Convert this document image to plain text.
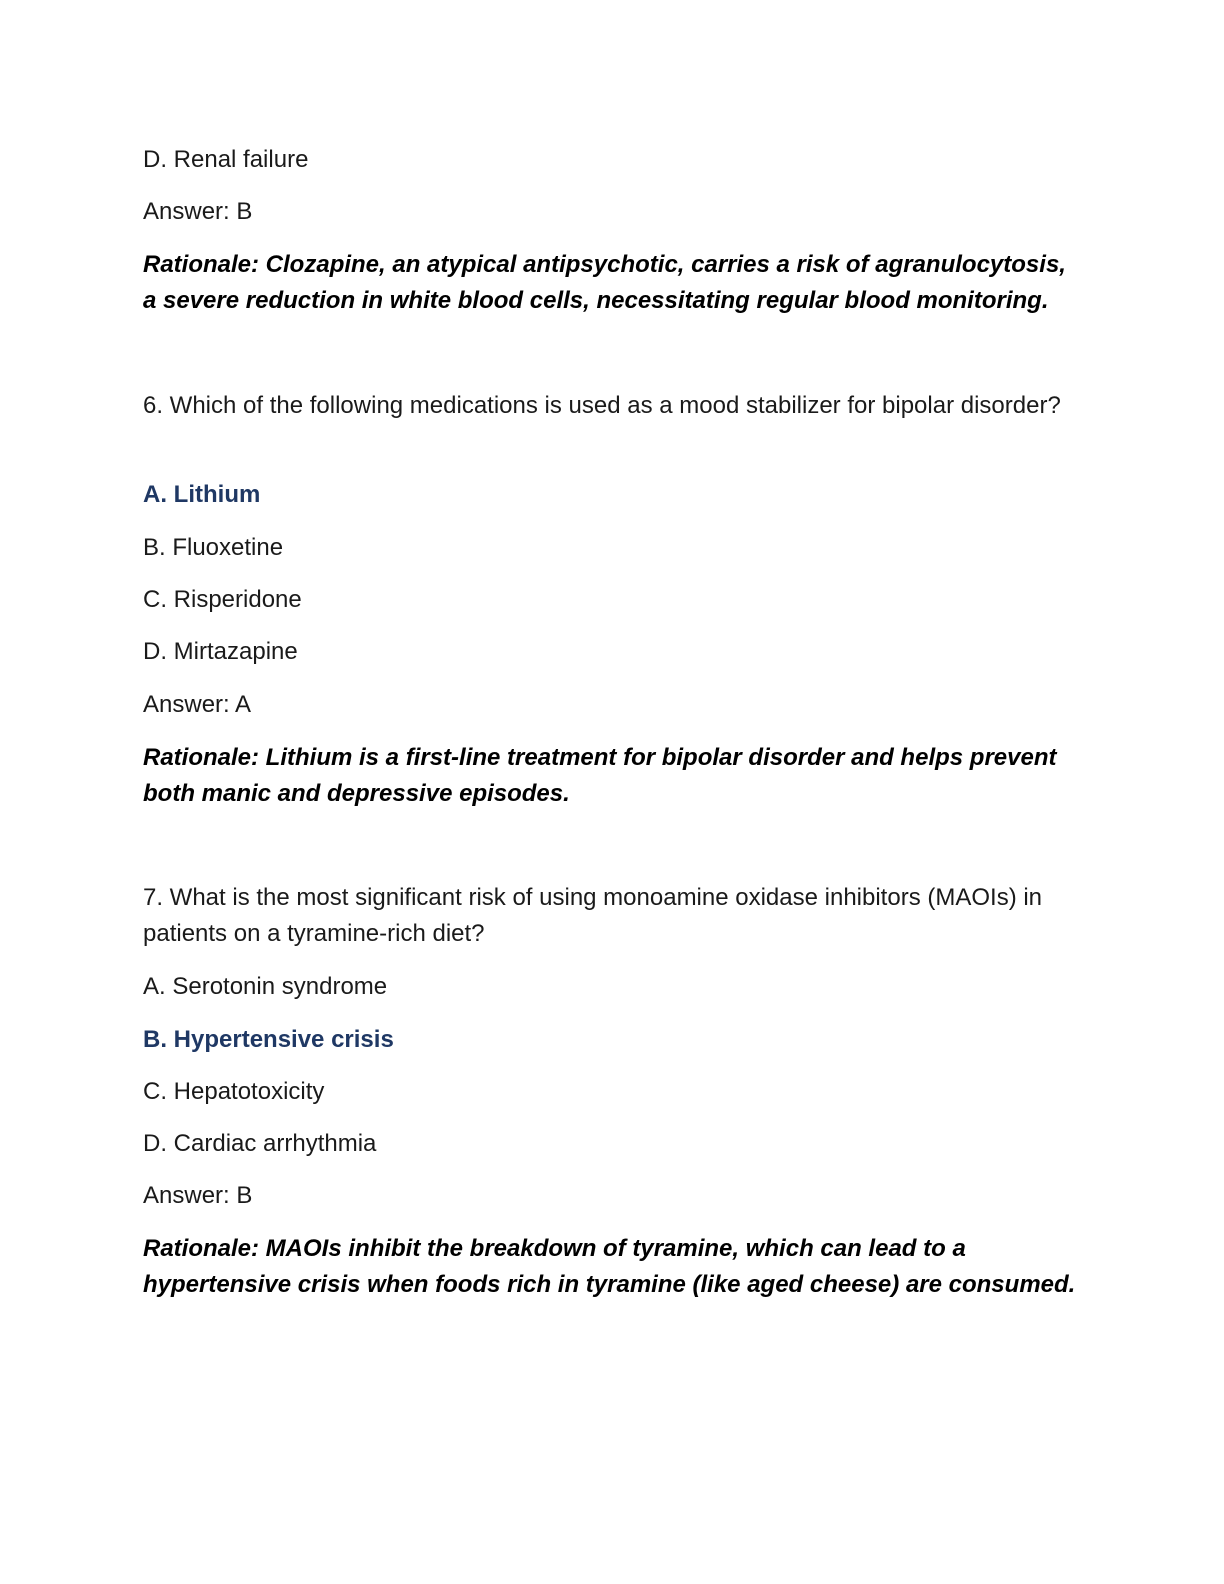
D. Renal failure
Answer: B
Rationale: Clozapine, an atypical antipsychotic, carries a risk of agranulocytosis, a severe reduction in white blood cells, necessitating regular blood monitoring.
6. Which of the following medications is used as a mood stabilizer for bipolar disorder?
A. Lithium
B. Fluoxetine
C. Risperidone
D. Mirtazapine
Answer: A
Rationale: Lithium is a first-line treatment for bipolar disorder and helps prevent both manic and depressive episodes.
7. What is the most significant risk of using monoamine oxidase inhibitors (MAOIs) in patients on a tyramine-rich diet?
A. Serotonin syndrome
B. Hypertensive crisis
C. Hepatotoxicity
D. Cardiac arrhythmia
Answer: B
Rationale: MAOIs inhibit the breakdown of tyramine, which can lead to a hypertensive crisis when foods rich in tyramine (like aged cheese) are consumed.
